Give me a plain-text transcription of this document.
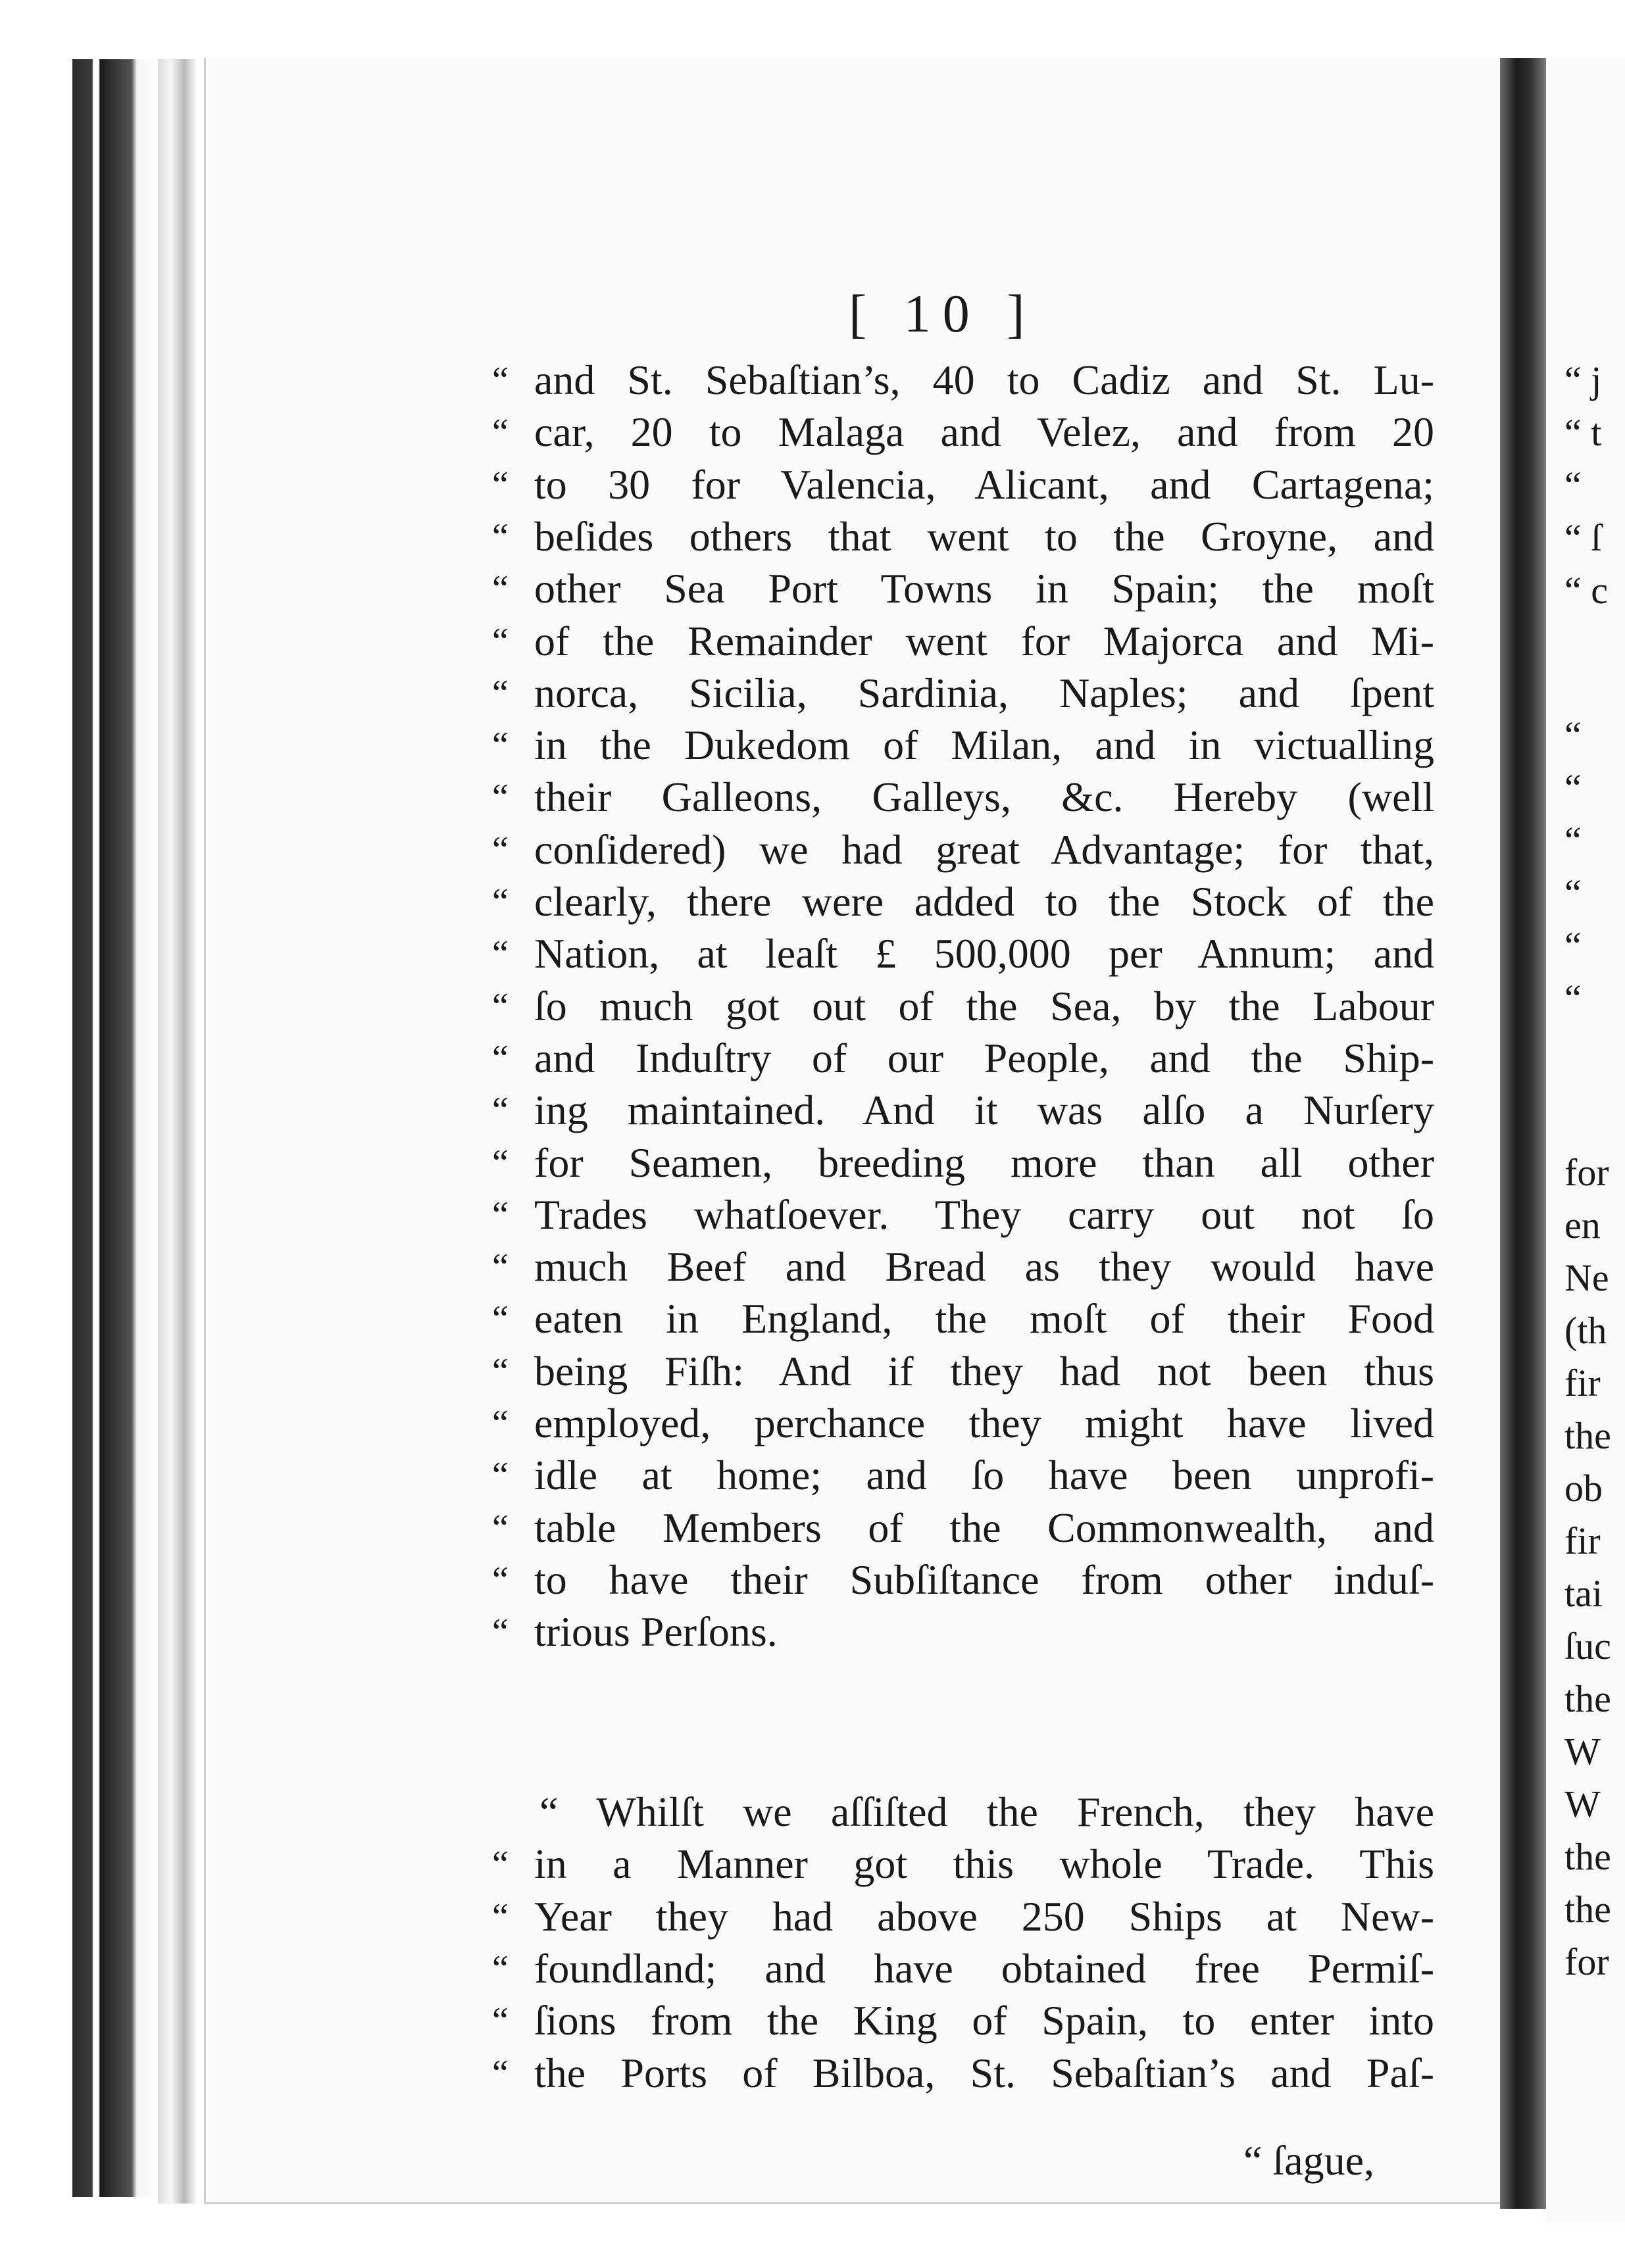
[ 10 ]
“ and St. Sebaſtian’s, 40 to Cadiz and St. Lu-
“ car, 20 to Malaga and Velez, and from 20
“ to 30 for Valencia, Alicant, and Cartagena;
“ beſides others that went to the Groyne, and
“ other Sea Port Towns in Spain; the moſt
“ of the Remainder went for Majorca and Mi-
“ norca, Sicilia, Sardinia, Naples; and ſpent
“ in the Dukedom of Milan, and in victualling
“ their Galleons, Galleys, &c. Hereby (well
“ conſidered) we had great Advantage; for that,
“ clearly, there were added to the Stock of the
“ Nation, at leaſt £ 500,000 per Annum; and
“ ſo much got out of the Sea, by the Labour
“ and Induſtry of our People, and the Ship-
“ ing maintained. And it was alſo a Nurſery
“ for Seamen, breeding more than all other
“ Trades whatſoever. They carry out not ſo
“ much Beef and Bread as they would have
“ eaten in England, the moſt of their Food
“ being Fiſh: And if they had not been thus
“ employed, perchance they might have lived
“ idle at home; and ſo have been unprofi-
“ table Members of the Commonwealth, and
“ to have their Subſiſtance from other induſ-
“ trious Perſons.
“ Whilſt we aſſiſted the French, they have
“ in a Manner got this whole Trade. This
“ Year they had above 250 Ships at New-
“ foundland; and have obtained free Permiſ-
“ ſions from the King of Spain, to enter into
“ the Ports of Bilboa, St. Sebaſtian’s and Paſ-
“ ſague,
“ j
“ t
“
“ ſ
“ c
“
“
“
“
“
“
for
en
Ne
(th
fir
the
ob
fir
tai
ſuc
the
W
W
the
the
for
